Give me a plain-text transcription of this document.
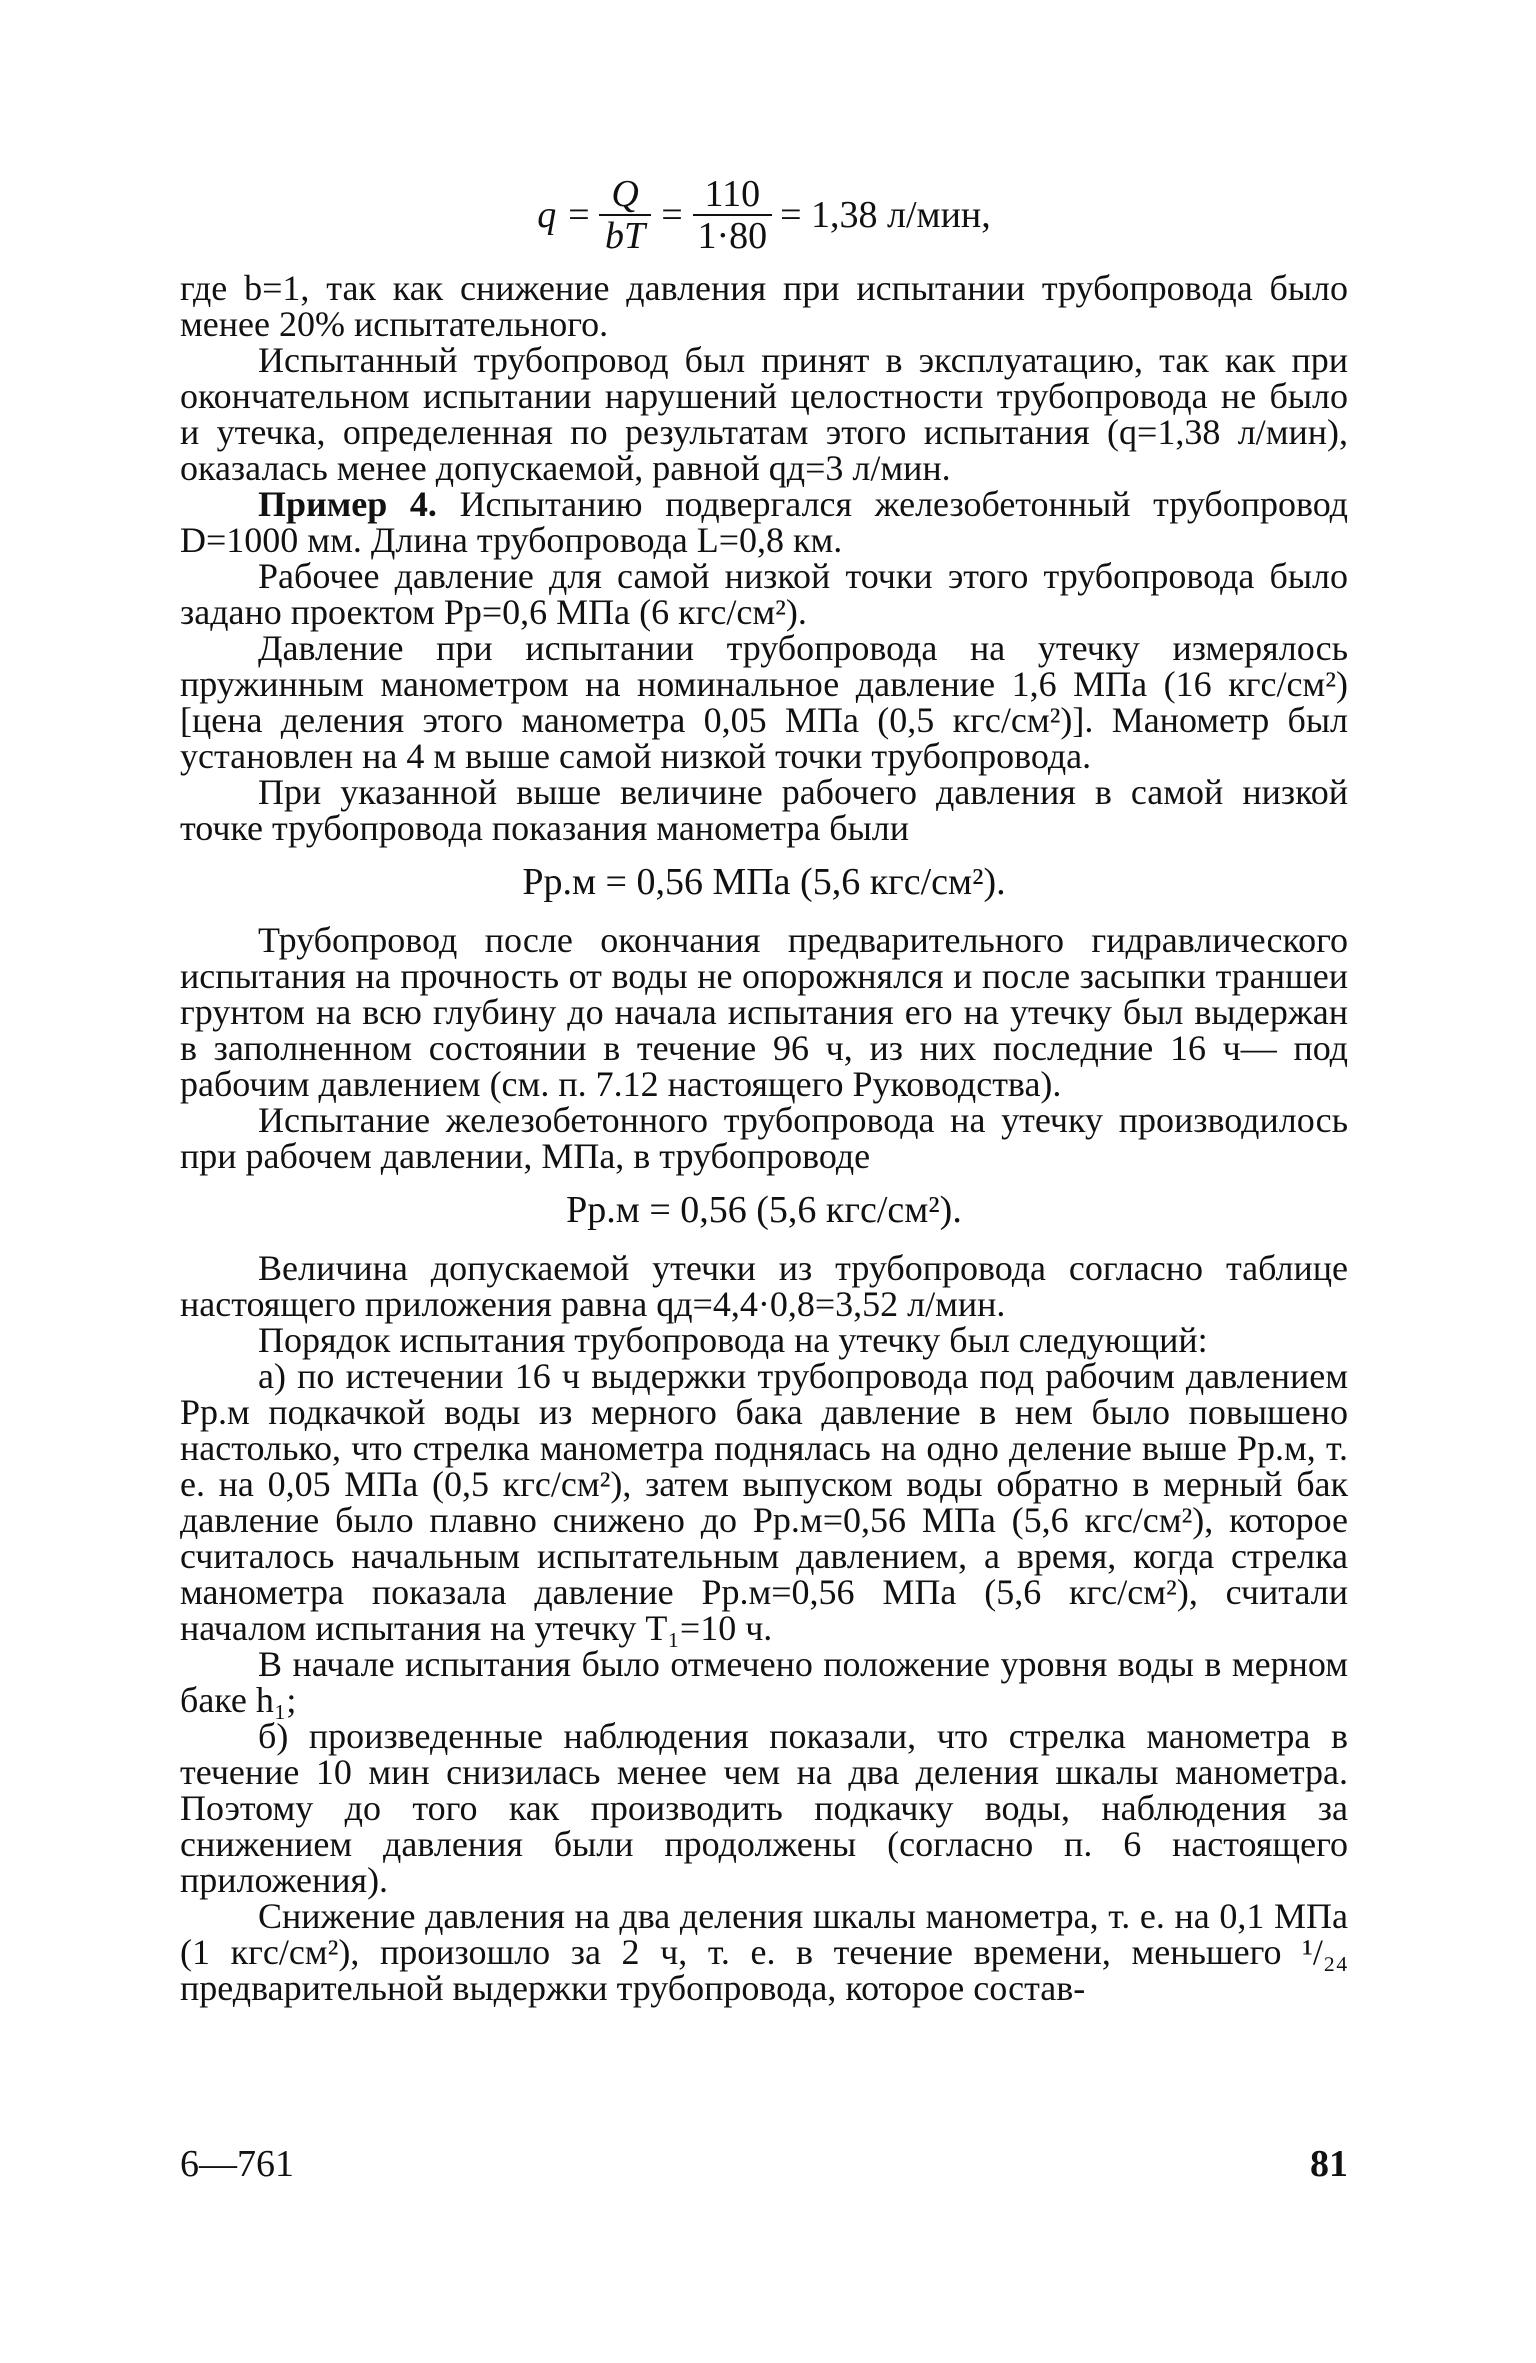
$q = \frac{Q}{bT} = \frac{110}{1\cdot 80} = 1,38$ л/мин,

где b=1, так как снижение давления при испытании трубопровода было менее 20% испытательного.

Испытанный трубопровод был принят в эксплуатацию, так как при окончательном испытании нарушений целостности трубопровода не было и утечка, определенная по результатам этого испытания (q=1,38 л/мин), оказалась менее допускаемой, равной qд=3 л/мин.

Пример 4. Испытанию подвергался железобетонный трубопровод D=1000 мм. Длина трубопровода L=0,8 км.

Рабочее давление для самой низкой точки этого трубопровода было задано проектом Pр=0,6 МПа (6 кгс/см²).

Давление при испытании трубопровода на утечку измерялось пружинным манометром на номинальное давление 1,6 МПа (16 кгс/см²) [цена деления этого манометра 0,05 МПа (0,5 кгс/см²)]. Манометр был установлен на 4 м выше самой низкой точки трубопровода.

При указанной выше величине рабочего давления в самой низкой точке трубопровода показания манометра были

Pр.м = 0,56 МПа (5,6 кгс/см²).

Трубопровод после окончания предварительного гидравлического испытания на прочность от воды не опорожнялся и после засыпки траншеи грунтом на всю глубину до начала испытания его на утечку был выдержан в заполненном состоянии в течение 96 ч, из них последние 16 ч— под рабочим давлением (см. п. 7.12 настоящего Руководства).

Испытание железобетонного трубопровода на утечку производилось при рабочем давлении, МПа, в трубопроводе

Pр.м = 0,56 (5,6 кгс/см²).

Величина допускаемой утечки из трубопровода согласно таблице настоящего приложения равна qд=4,4·0,8=3,52 л/мин.

Порядок испытания трубопровода на утечку был следующий:

а) по истечении 16 ч выдержки трубопровода под рабочим давлением Pр.м подкачкой воды из мерного бака давление в нем было повышено настолько, что стрелка манометра поднялась на одно деление выше Pр.м, т. е. на 0,05 МПа (0,5 кгс/см²), затем выпуском воды обратно в мерный бак давление было плавно снижено до Pр.м=0,56 МПа (5,6 кгс/см²), которое считалось начальным испытательным давлением, а время, когда стрелка манометра показала давление Pр.м=0,56 МПа (5,6 кгс/см²), считали началом испытания на утечку T₁=10 ч.

В начале испытания было отмечено положение уровня воды в мерном баке h₁;

б) произведенные наблюдения показали, что стрелка манометра в течение 10 мин снизилась менее чем на два деления шкалы манометра. Поэтому до того как производить подкачку воды, наблюдения за снижением давления были продолжены (согласно п. 6 настоящего приложения).

Снижение давления на два деления шкалы манометра, т. е. на 0,1 МПа (1 кгс/см²), произошло за 2 ч, т. е. в течение времени, меньшего ¹/₂₄ предварительной выдержки трубопровода, которое состав-

6—761	81
